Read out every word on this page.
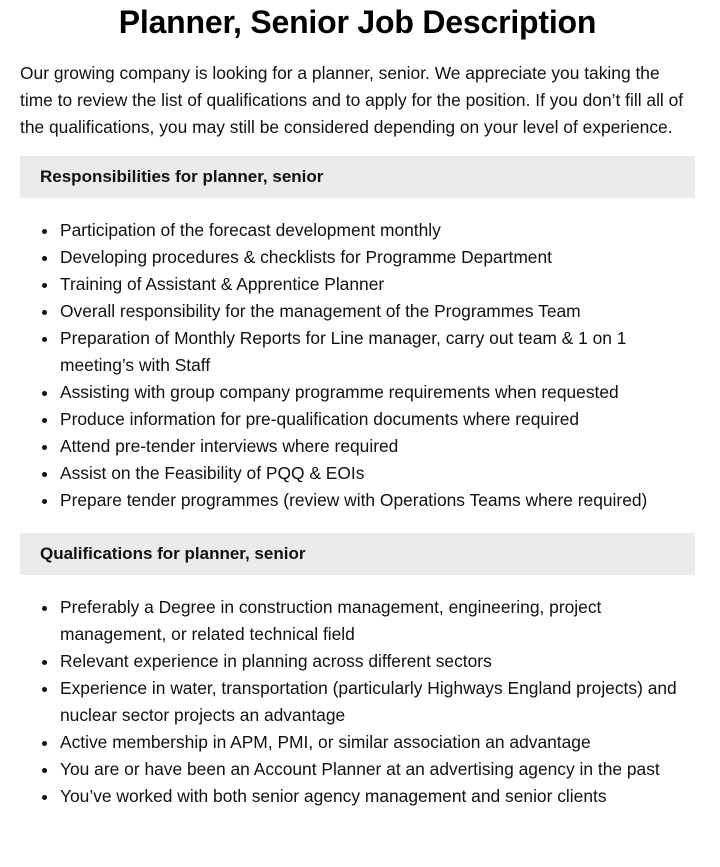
Planner, Senior Job Description

Our growing company is looking for a planner, senior. We appreciate you taking the time to review the list of qualifications and to apply for the position. If you don’t fill all of the qualifications, you may still be considered depending on your level of experience.

Responsibilities for planner, senior
Participation of the forecast development monthly
Developing procedures & checklists for Programme Department
Training of Assistant & Apprentice Planner
Overall responsibility for the management of the Programmes Team
Preparation of Monthly Reports for Line manager, carry out team & 1 on 1 meeting’s with Staff
Assisting with group company programme requirements when requested
Produce information for pre-qualification documents where required
Attend pre-tender interviews where required
Assist on the Feasibility of PQQ & EOIs
Prepare tender programmes (review with Operations Teams where required)
Qualifications for planner, senior
Preferably a Degree in construction management, engineering, project management, or related technical field
Relevant experience in planning across different sectors
Experience in water, transportation (particularly Highways England projects) and nuclear sector projects an advantage
Active membership in APM, PMI, or similar association an advantage
You are or have been an Account Planner at an advertising agency in the past
You’ve worked with both senior agency management and senior clients
